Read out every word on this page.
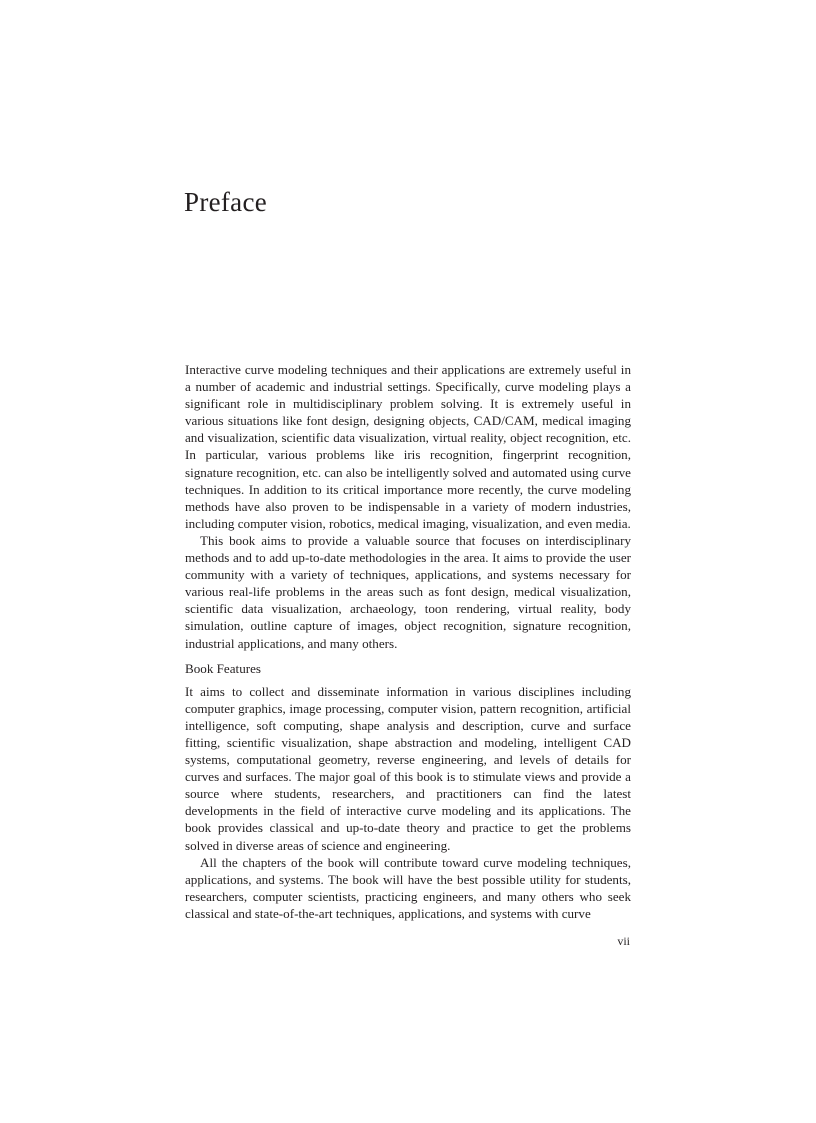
Preface

Interactive curve modeling techniques and their applications are extremely useful in a number of academic and industrial settings. Specifically, curve modeling plays a significant role in multidisciplinary problem solving. It is extremely useful in various situations like font design, designing objects, CAD/CAM, medical imaging and visualization, scientific data visualization, virtual reality, object recognition, etc. In particular, various problems like iris recognition, fingerprint recognition, signature recognition, etc. can also be intelligently solved and automated using curve techniques. In addition to its critical importance more recently, the curve modeling methods have also proven to be indispensable in a variety of modern industries, including computer vision, robotics, medical imaging, visualization, and even media.

This book aims to provide a valuable source that focuses on interdisciplinary methods and to add up-to-date methodologies in the area. It aims to provide the user community with a variety of techniques, applications, and systems necessary for various real-life problems in the areas such as font design, medical visualization, scientific data visualization, archaeology, toon rendering, virtual reality, body simulation, outline capture of images, object recognition, signature recognition, industrial applications, and many others.

Book Features

It aims to collect and disseminate information in various disciplines including computer graphics, image processing, computer vision, pattern recognition, artificial intelligence, soft computing, shape analysis and description, curve and surface fitting, scientific visualization, shape abstraction and modeling, intelligent CAD systems, computational geometry, reverse engineering, and levels of details for curves and surfaces. The major goal of this book is to stimulate views and provide a source where students, researchers, and practitioners can find the latest developments in the field of interactive curve modeling and its applications. The book provides classical and up-to-date theory and practice to get the problems solved in diverse areas of science and engineering.

All the chapters of the book will contribute toward curve modeling techniques, applications, and systems. The book will have the best possible utility for students, researchers, computer scientists, practicing engineers, and many others who seek classical and state-of-the-art techniques, applications, and systems with curve

vii
